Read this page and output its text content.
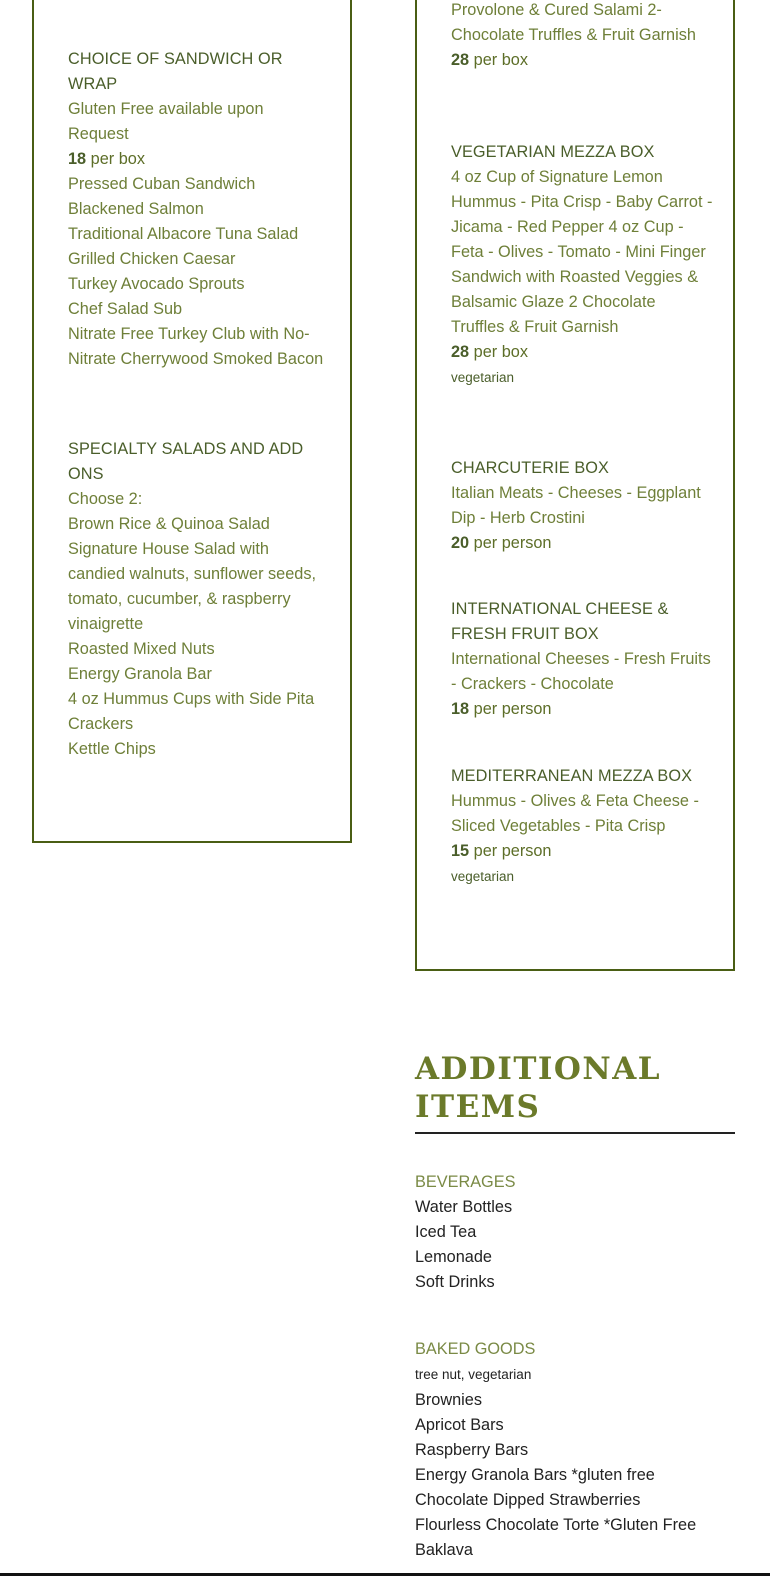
CHOICE OF SANDWICH OR WRAP
Gluten Free available upon Request
18 per box
Pressed Cuban Sandwich
Blackened Salmon
Traditional Albacore Tuna Salad
Grilled Chicken Caesar
Turkey Avocado Sprouts
Chef Salad Sub
Nitrate Free Turkey Club with No-Nitrate Cherrywood Smoked Bacon
SPECIALTY SALADS AND ADD ONS
Choose 2:
Brown Rice & Quinoa Salad
Signature House Salad with candied walnuts, sunflower seeds, tomato, cucumber, & raspberry vinaigrette
Roasted Mixed Nuts
Energy Granola Bar
4 oz Hummus Cups with Side Pita Crackers
Kettle Chips
Provolone & Cured Salami 2-Chocolate Truffles & Fruit Garnish
28 per box
VEGETARIAN MEZZA BOX
4 oz Cup of Signature Lemon Hummus - Pita Crisp - Baby Carrot - Jicama - Red Pepper 4 oz Cup - Feta - Olives - Tomato - Mini Finger Sandwich with Roasted Veggies & Balsamic Glaze 2 Chocolate Truffles & Fruit Garnish
28 per box
vegetarian
CHARCUTERIE BOX
Italian Meats - Cheeses - Eggplant Dip - Herb Crostini
20 per person
INTERNATIONAL CHEESE & FRESH FRUIT BOX
International Cheeses - Fresh Fruits - Crackers - Chocolate
18 per person
MEDITERRANEAN MEZZA BOX
Hummus - Olives & Feta Cheese - Sliced Vegetables - Pita Crisp
15 per person
vegetarian
ADDITIONAL ITEMS
BEVERAGES
Water Bottles
Iced Tea
Lemonade
Soft Drinks
BAKED GOODS
tree nut, vegetarian
Brownies
Apricot Bars
Raspberry Bars
Energy Granola Bars *gluten free
Chocolate Dipped Strawberries
Flourless Chocolate Torte *Gluten Free
Baklava
